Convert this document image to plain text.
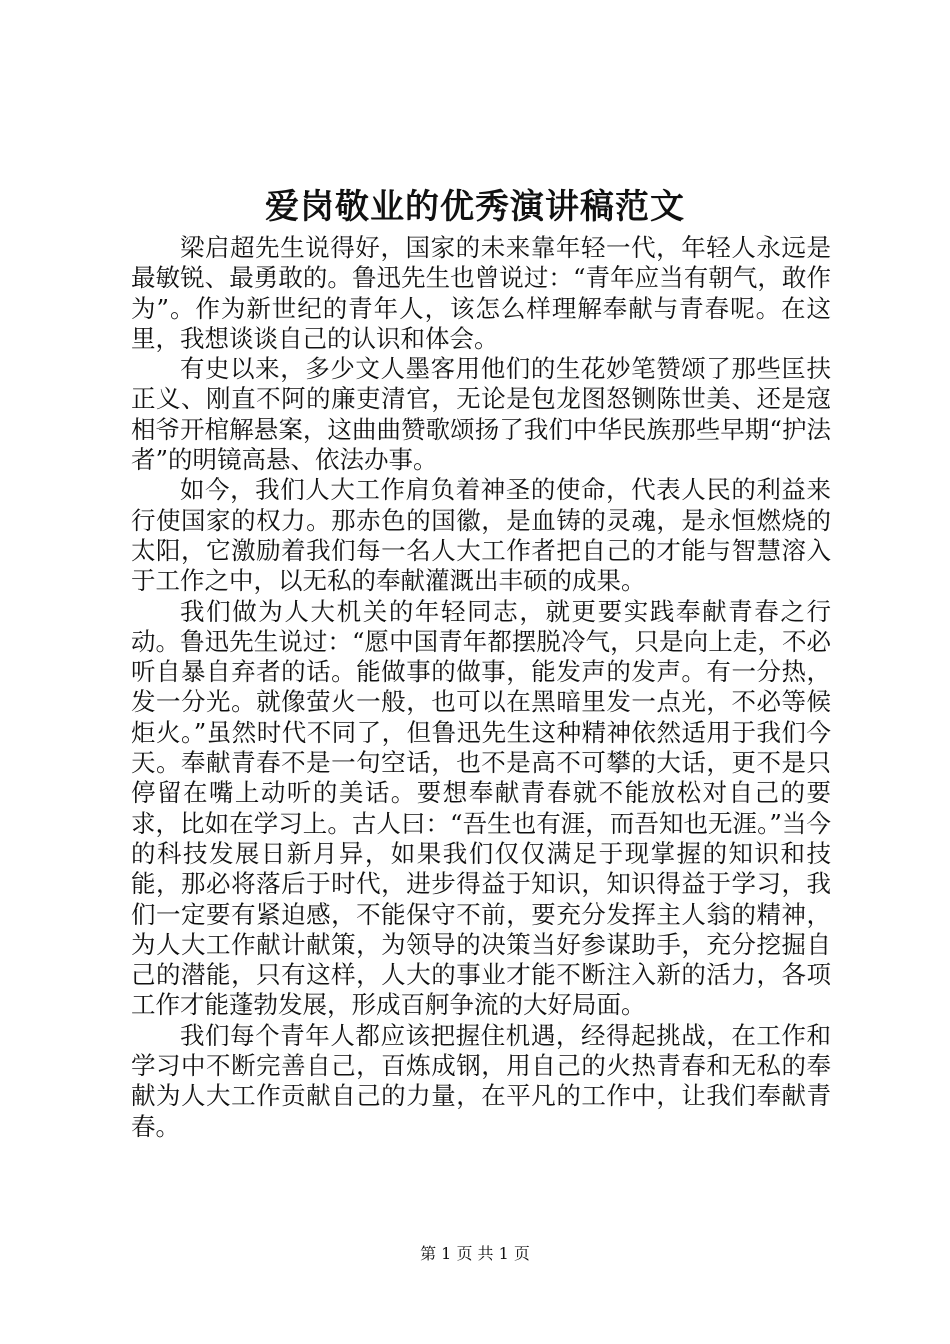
爱岗敬业的优秀演讲稿范文

梁启超先生说得好，国家的未来靠年轻一代，年轻人永远是最敏锐、最勇敢的。鲁迅先生也曾说过：“青年应当有朝气，敢作为”。作为新世纪的青年人，该怎么样理解奉献与青春呢。在这里，我想谈谈自己的认识和体会。

有史以来，多少文人墨客用他们的生花妙笔赞颂了那些匡扶正义、刚直不阿的廉吏清官，无论是包龙图怒铡陈世美、还是寇相爷开棺解悬案，这曲曲赞歌颂扬了我们中华民族那些早期“护法者”的明镜高悬、依法办事。

如今，我们人大工作肩负着神圣的使命，代表人民的利益来行使国家的权力。那赤色的国徽，是血铸的灵魂，是永恒燃烧的太阳，它激励着我们每一名人大工作者把自己的才能与智慧溶入于工作之中，以无私的奉献灌溉出丰硕的成果。

我们做为人大机关的年轻同志，就更要实践奉献青春之行动。鲁迅先生说过：“愿中国青年都摆脱冷气，只是向上走，不必听自暴自弃者的话。能做事的做事，能发声的发声。有一分热，发一分光。就像萤火一般，也可以在黑暗里发一点光，不必等候炬火。”虽然时代不同了，但鲁迅先生这种精神依然适用于我们今天。奉献青春不是一句空话，也不是高不可攀的大话，更不是只停留在嘴上动听的美话。要想奉献青春就不能放松对自己的要求，比如在学习上。古人曰：“吾生也有涯，而吾知也无涯。”当今的科技发展日新月异，如果我们仅仅满足于现掌握的知识和技能，那必将落后于时代，进步得益于知识，知识得益于学习，我们一定要有紧迫感，不能保守不前，要充分发挥主人翁的精神，为人大工作献计献策，为领导的决策当好参谋助手，充分挖掘自己的潜能，只有这样，人大的事业才能不断注入新的活力，各项工作才能蓬勃发展，形成百舸争流的大好局面。

我们每个青年人都应该把握住机遇，经得起挑战，在工作和学习中不断完善自己，百炼成钢，用自己的火热青春和无私的奉献为人大工作贡献自己的力量，在平凡的工作中，让我们奉献青春。

第 1 页 共 1 页
